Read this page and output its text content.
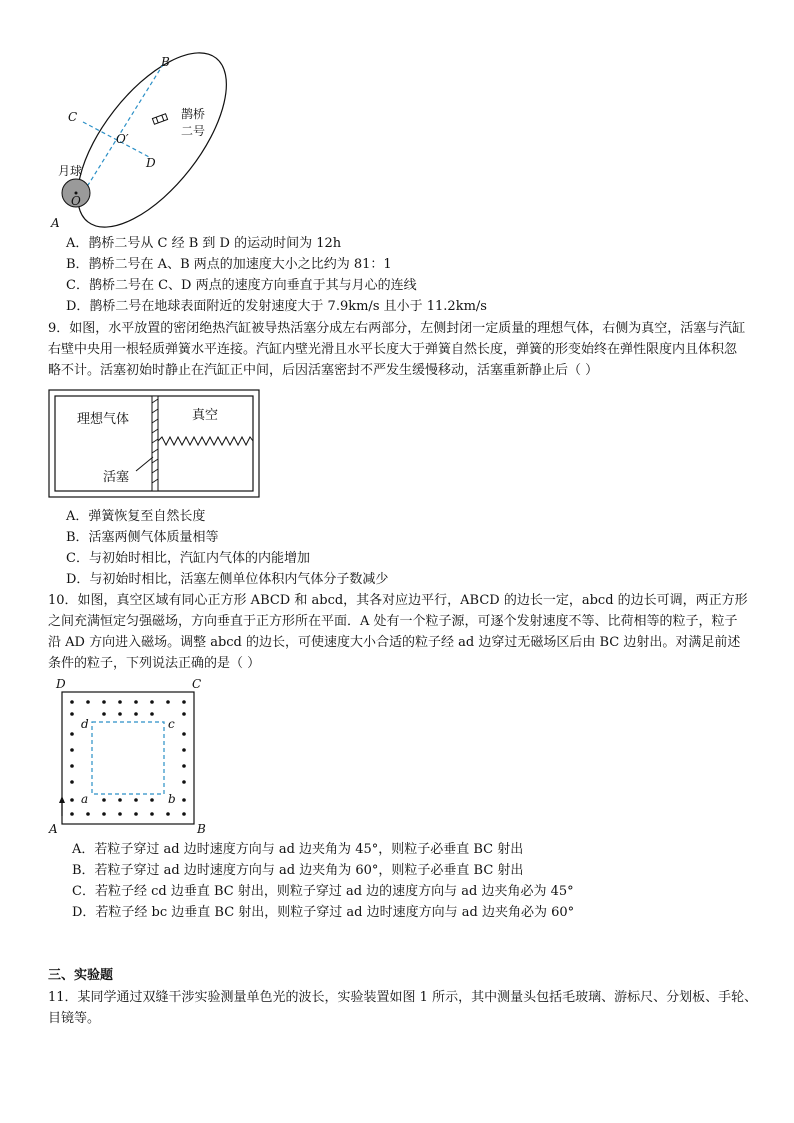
B
C
D
O′
O
A
月球
鹊桥
二号
A．鹊桥二号从 C 经 B 到 D 的运动时间为 12h
B．鹊桥二号在 A、B 两点的加速度大小之比约为 81：1
C．鹊桥二号在 C、D 两点的速度方向垂直于其与月心的连线
D．鹊桥二号在地球表面附近的发射速度大于 7.9km/s 且小于 11.2km/s
9．如图，水平放置的密闭绝热汽缸被导热活塞分成左右两部分，左侧封闭一定质量的理想气体，右侧为真空，活塞与汽缸右壁中央用一根轻质弹簧水平连接。汽缸内壁光滑且水平长度大于弹簧自然长度，弹簧的形变始终在弹性限度内且体积忽略不计。活塞初始时静止在汽缸正中间，后因活塞密封不严发生缓慢移动，活塞重新静止后（ ）
理想气体	真空
活塞
A．弹簧恢复至自然长度
B．活塞两侧气体质量相等
C．与初始时相比，汽缸内气体的内能增加
D．与初始时相比，活塞左侧单位体积内气体分子数减少
10．如图，真空区域有同心正方形 ABCD 和 abcd，其各对应边平行，ABCD 的边长一定，abcd 的边长可调，两正方形之间充满恒定匀强磁场，方向垂直于正方形所在平面．A 处有一个粒子源，可逐个发射速度不等、比荷相等的粒子，粒子沿 AD 方向进入磁场。调整 abcd 的边长，可使速度大小合适的粒子经 ad 边穿过无磁场区后由 BC 边射出。对满足前述条件的粒子，下列说法正确的是（ ）
D	C
A	B
d	c
a	b
A．若粒子穿过 ad 边时速度方向与 ad 边夹角为 45°，则粒子必垂直 BC 射出
B．若粒子穿过 ad 边时速度方向与 ad 边夹角为 60°，则粒子必垂直 BC 射出
C．若粒子经 cd 边垂直 BC 射出，则粒子穿过 ad 边的速度方向与 ad 边夹角必为 45°
D．若粒子经 bc 边垂直 BC 射出，则粒子穿过 ad 边时速度方向与 ad 边夹角必为 60°
三、实验题
11．某同学通过双缝干涉实验测量单色光的波长，实验装置如图 1 所示，其中测量头包括毛玻璃、游标尺、分划板、手轮、目镜等。
